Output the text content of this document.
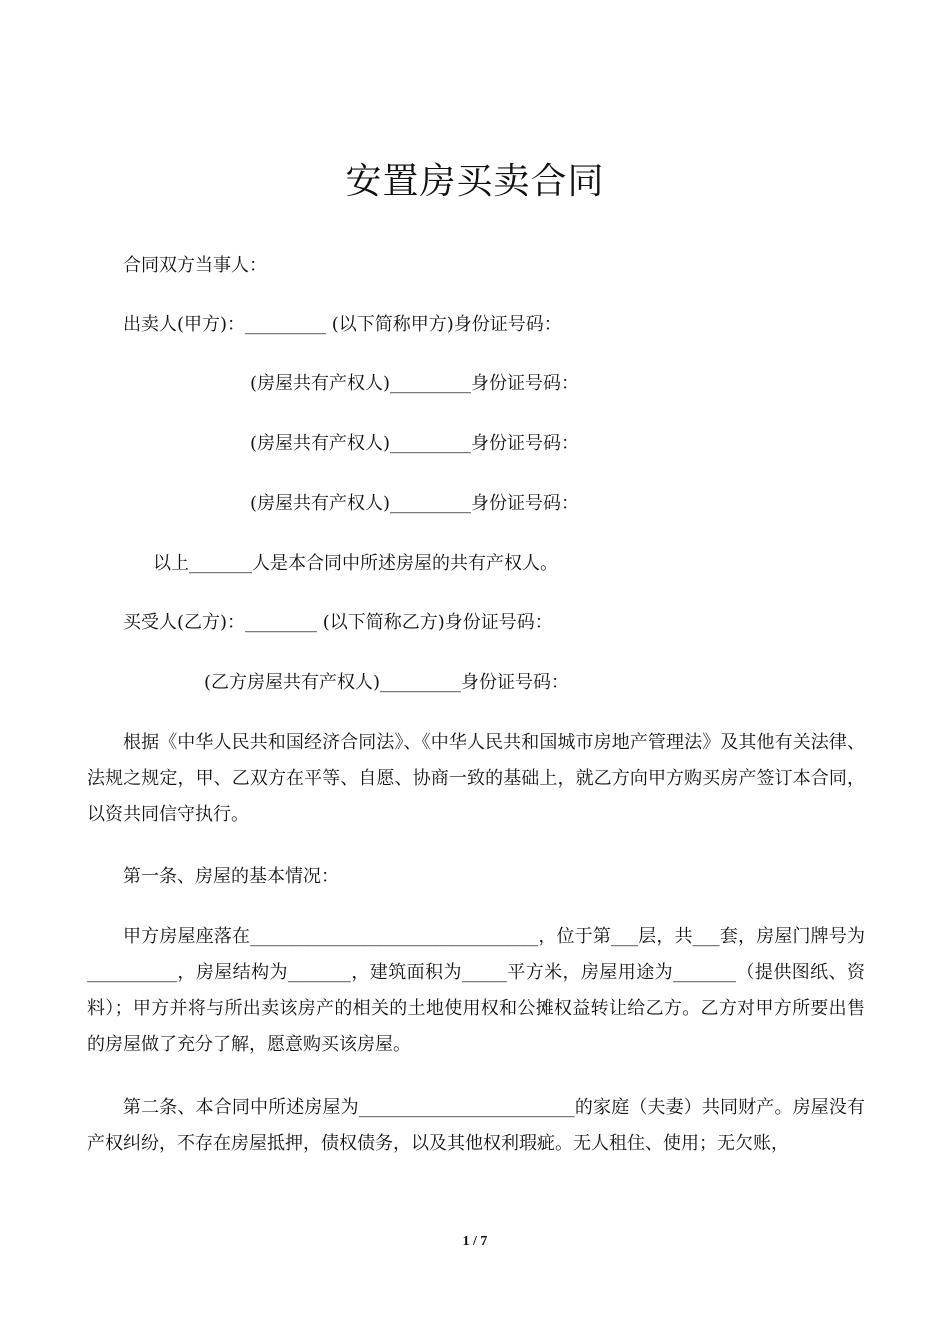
安置房买卖合同
合同双方当事人：
出卖人(甲方)：_________ (以下简称甲方)身份证号码：
(房屋共有产权人)_________身份证号码：
(房屋共有产权人)_________身份证号码：
(房屋共有产权人)_________身份证号码：
以上_______人是本合同中所述房屋的共有产权人。
买受人(乙方)：________ (以下简称乙方)身份证号码：
(乙方房屋共有产权人)_________身份证号码：

根据《中华人民共和国经济合同法》、《中华人民共和国城市房地产管理法》及其他有关法律、法规之规定，甲、乙双方在平等、自愿、协商一致的基础上，就乙方向甲方购买房产签订本合同，以资共同信守执行。

第一条、房屋的基本情况：

甲方房屋座落在________________________________，位于第___层，共___套，房屋门牌号为__________，房屋结构为_______，建筑面积为_____平方米，房屋用途为_______（提供图纸、资料）；甲方并将与所出卖该房产的相关的土地使用权和公摊权益转让给乙方。乙方对甲方所要出售的房屋做了充分了解，愿意购买该房屋。

第二条、本合同中所述房屋为________________________的家庭（夫妻）共同财产。房屋没有产权纠纷，不存在房屋抵押，债权债务，以及其他权利瑕疵。无人租住、使用；无欠账，

1 / 7
